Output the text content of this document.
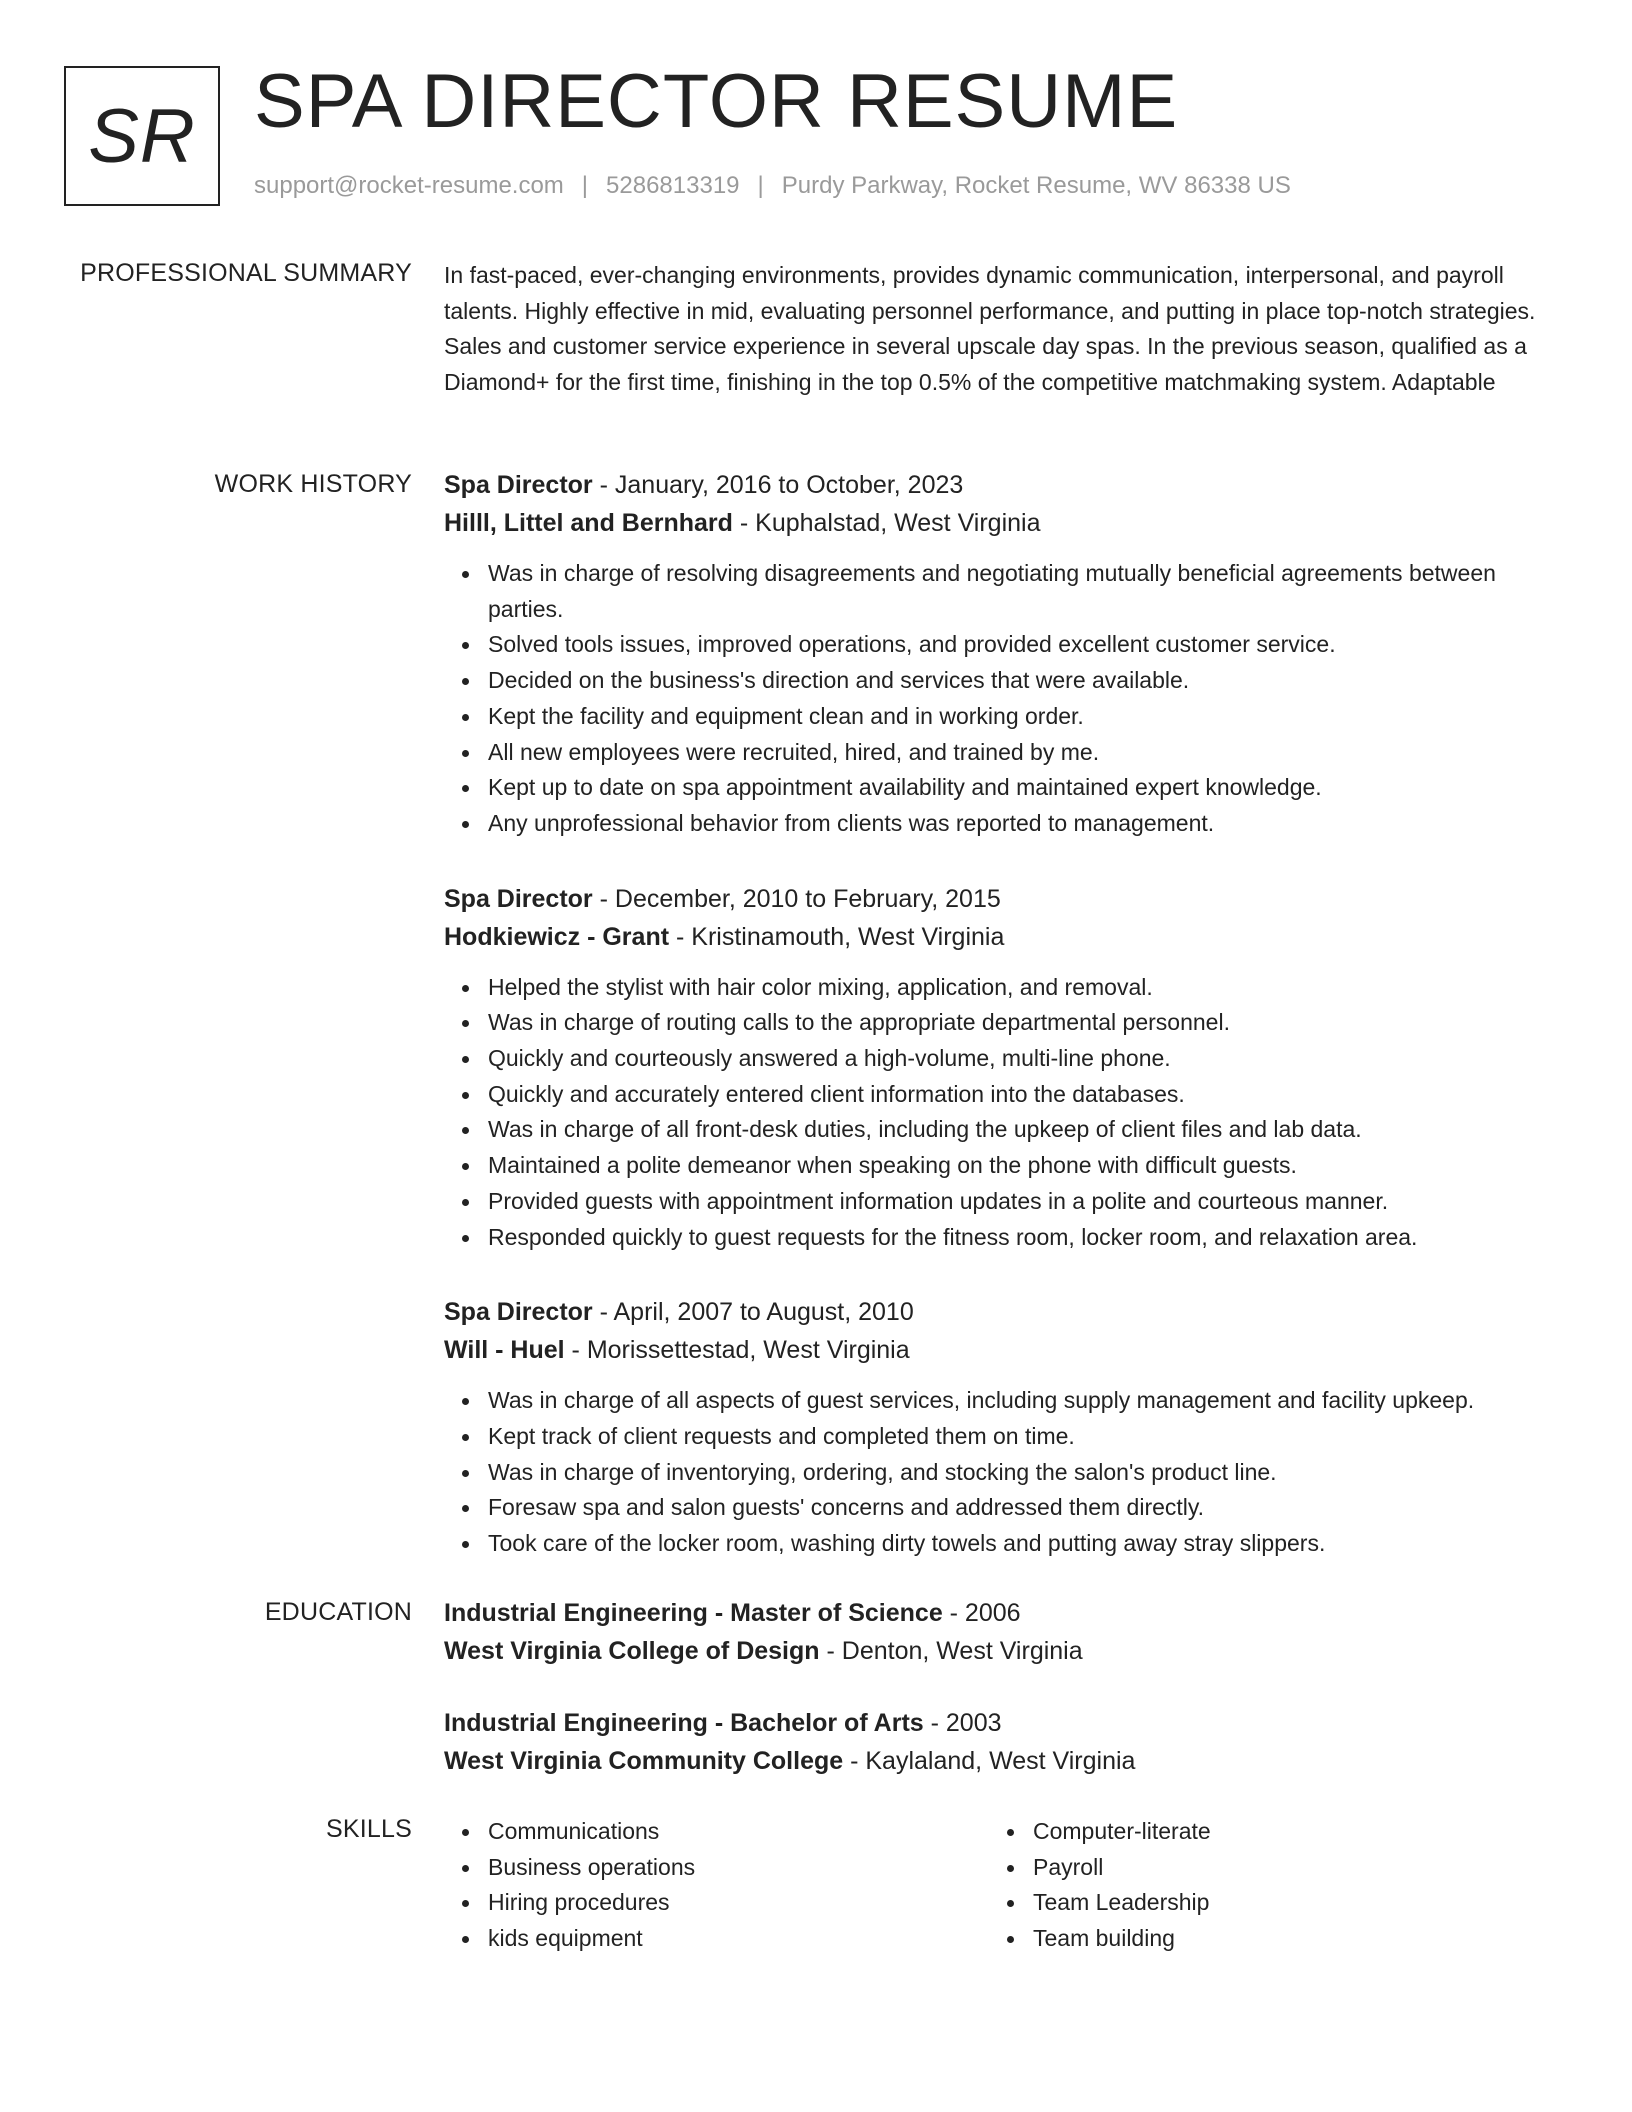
SR SPA DIRECTOR RESUME
support@rocket-resume.com | 5286813319 | Purdy Parkway, Rocket Resume, WV 86338 US
PROFESSIONAL SUMMARY In fast-paced, ever-changing environments, provides dynamic communication, interpersonal, and payroll talents. Highly effective in mid, evaluating personnel performance, and putting in place top-notch strategies. Sales and customer service experience in several upscale day spas. In the previous season, qualified as a Diamond+ for the first time, finishing in the top 0.5% of the competitive matchmaking system. Adaptable

WORK HISTORY Spa Director - January, 2016 to October, 2023
Hilll, Littel and Bernhard - Kuphalstad, West Virginia
Was in charge of resolving disagreements and negotiating mutually beneficial agreements between parties.
Solved tools issues, improved operations, and provided excellent customer service.
Decided on the business's direction and services that were available.
Kept the facility and equipment clean and in working order.
All new employees were recruited, hired, and trained by me.
Kept up to date on spa appointment availability and maintained expert knowledge.
Any unprofessional behavior from clients was reported to management.
Spa Director - December, 2010 to February, 2015
Hodkiewicz - Grant - Kristinamouth, West Virginia
Helped the stylist with hair color mixing, application, and removal.
Was in charge of routing calls to the appropriate departmental personnel.
Quickly and courteously answered a high-volume, multi-line phone.
Quickly and accurately entered client information into the databases.
Was in charge of all front-desk duties, including the upkeep of client files and lab data.
Maintained a polite demeanor when speaking on the phone with difficult guests.
Provided guests with appointment information updates in a polite and courteous manner.
Responded quickly to guest requests for the fitness room, locker room, and relaxation area.
Spa Director - April, 2007 to August, 2010
Will - Huel - Morissettestad, West Virginia
Was in charge of all aspects of guest services, including supply management and facility upkeep.
Kept track of client requests and completed them on time.
Was in charge of inventorying, ordering, and stocking the salon's product line.
Foresaw spa and salon guests' concerns and addressed them directly.
Took care of the locker room, washing dirty towels and putting away stray slippers.
EDUCATION Industrial Engineering - Master of Science - 2006
West Virginia College of Design - Denton, West Virginia
Industrial Engineering - Bachelor of Arts - 2003
West Virginia Community College - Kaylaland, West Virginia
SKILLS	Communications
Business operations
Hiring procedures
kids equipment
Computer-literate
Payroll
Team Leadership
Team building
